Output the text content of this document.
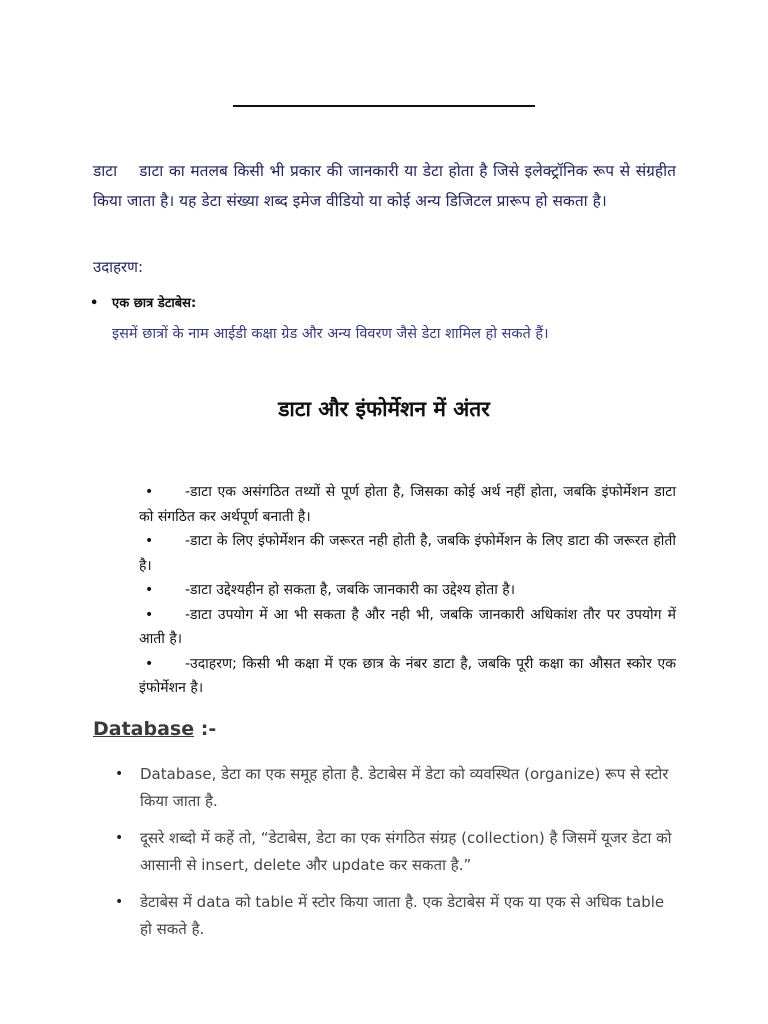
डाटा डाटा का मतलब किसी भी प्रकार की जानकारी या डेटा होता है जिसे इलेक्ट्रॉनिक रूप से संग्रहीत किया जाता है। यह डेटा संख्या शब्द इमेज वीडियो या कोई अन्य डिजिटल प्रारूप हो सकता है।
उदाहरण:
• एक छात्र डेटाबेस:
इसमें छात्रों के नाम आईडी कक्षा ग्रेड और अन्य विवरण जैसे डेटा शामिल हो सकते हैं।
डाटा और इंफोर्मेशन में अंतर
• -डाटा एक असंगठित तथ्यों से पूर्ण होता है, जिसका कोई अर्थ नहीं होता, जबकि इंफोर्मेशन डाटा को संगठित कर अर्थपूर्ण बनाती है।
• -डाटा के लिए इंफोर्मेशन की जरूरत नही होती है, जबकि इंफोर्मेशन के लिए डाटा की जरूरत होती है।
• -डाटा उद्देश्यहीन हो सकता है, जबकि जानकारी का उद्देश्य होता है।
• -डाटा उपयोग में आ भी सकता है और नही भी, जबकि जानकारी अधिकांश तौर पर उपयोग में आती है।
• -उदाहरण; किसी भी कक्षा में एक छात्र के नंबर डाटा है, जबकि पूरी कक्षा का औसत स्कोर एक इंफोर्मेशन है।
Database :-
• Database, डेटा का एक समूह होता है. डेटाबेस में डेटा को व्यवस्थित (organize) रूप से स्टोर किया जाता है.
• दूसरे शब्दो में कहें तो, “डेटाबेस, डेटा का एक संगठित संग्रह (collection) है जिसमें यूजर डेटा को आसानी से insert, delete और update कर सकता है.”
• डेटाबेस में data को table में स्टोर किया जाता है. एक डेटाबेस में एक या एक से अधिक table हो सकते है.
